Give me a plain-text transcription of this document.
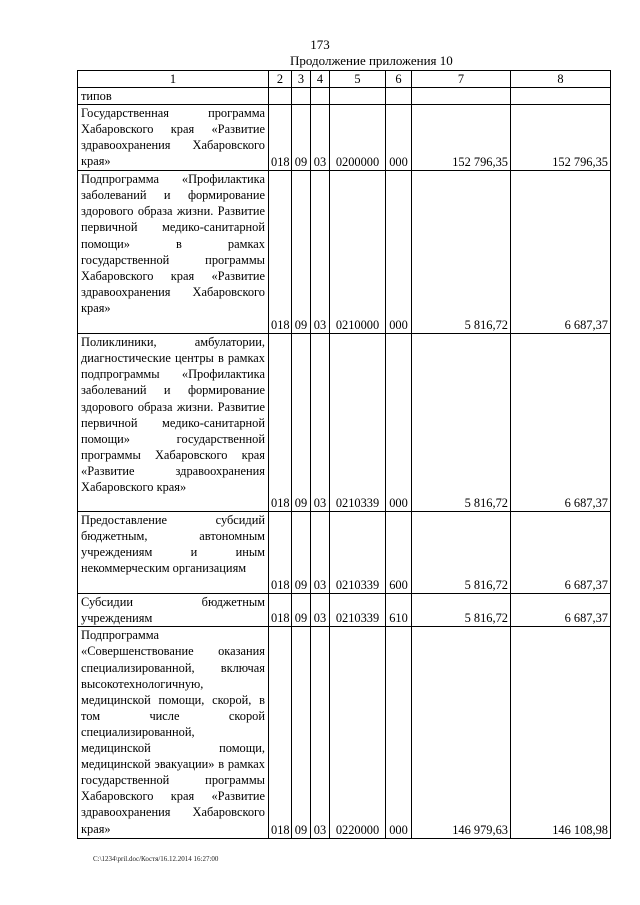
173
Продолжение приложения 10
1	2	3	4	5	6	7	8
типов							
Государственная программа Хабаровского края «Развитие здравоохранения Хабаровского края»	018	09	03	0200000	000	152 796,35	152 796,35
Подпрограмма «Профилактика заболеваний и формирование здорового образа жизни. Развитие первичной медико-санитарной помощи» в рамках государственной программы Хабаровского края «Развитие здравоохранения Хабаровского края»	018	09	03	0210000	000	5 816,72	6 687,37
Поликлиники, амбулатории, диагностические центры в рамках подпрограммы «Профилактика заболеваний и формирование здорового образа жизни. Развитие первичной медико-санитарной помощи» государственной программы Хабаровского края «Развитие здравоохранения Хабаровского края»	018	09	03	0210339	000	5 816,72	6 687,37
Предоставление субсидий бюджетным, автономным учреждениям и иным некоммерческим организациям	018	09	03	0210339	600	5 816,72	6 687,37
Субсидии бюджетным учреждениям	018	09	03	0210339	610	5 816,72	6 687,37
Подпрограмма «Совершенствование оказания специализированной, включая высокотехнологичную, медицинской помощи, скорой, в том числе скорой специализированной, медицинской помощи, медицинской эвакуации» в рамках государственной программы Хабаровского края «Развитие здравоохранения Хабаровского края»	018	09	03	0220000	000	146 979,63	146 108,98
C:\1234\pril.doc/Костя/16.12.2014 16:27:00
